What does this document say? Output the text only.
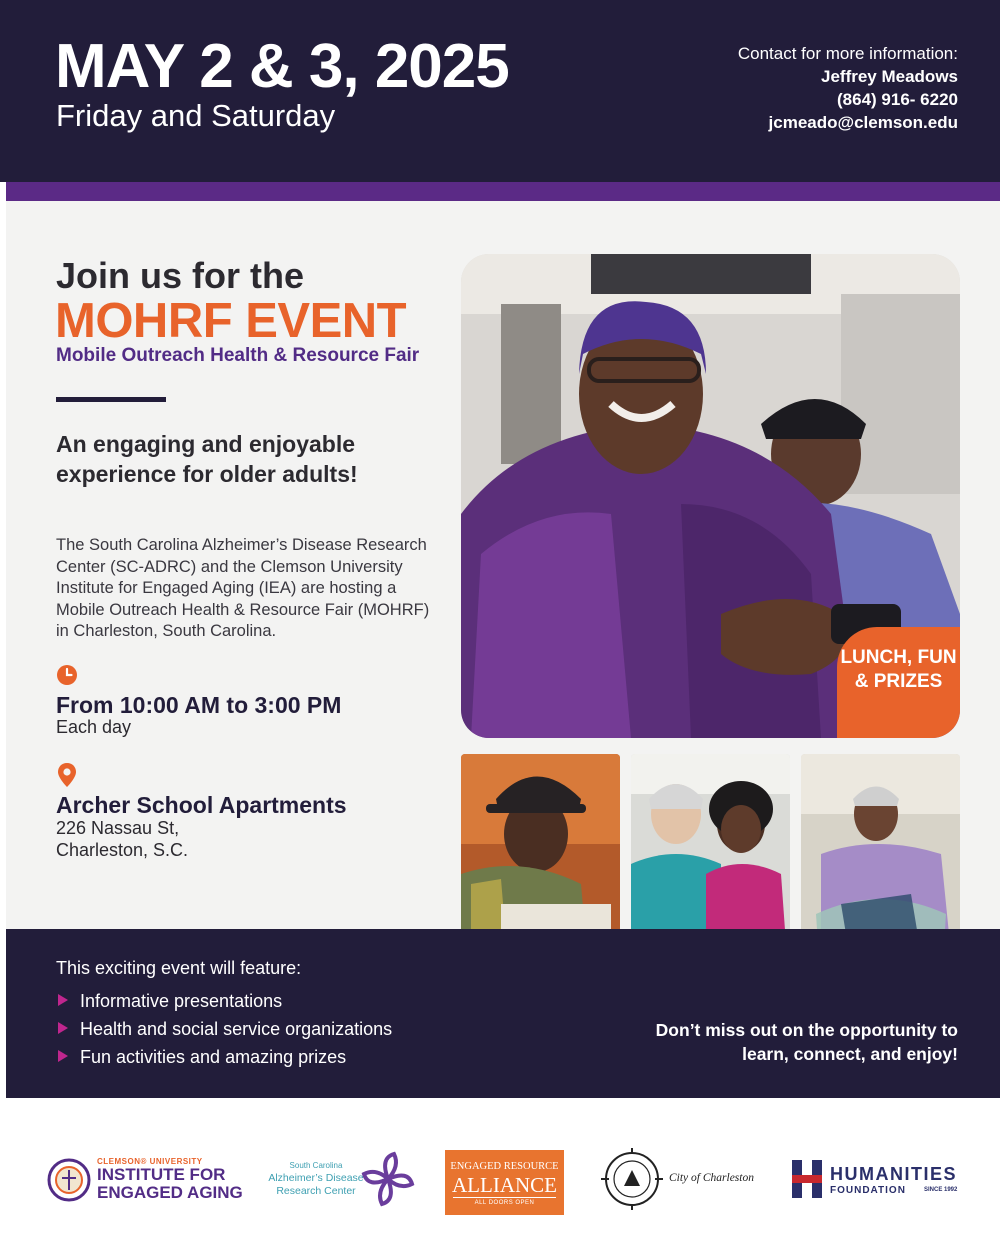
MAY 2 & 3, 2025
Friday and Saturday
Contact for more information:
Jeffrey Meadows
(864) 916- 6220
jcmeado@clemson.edu
Join us for the
MOHRF EVENT
Mobile Outreach Health & Resource Fair
An engaging and enjoyable experience for older adults!
The South Carolina Alzheimer’s Disease Research Center (SC-ADRC) and the Clemson University Institute for Engaged Aging (IEA) are hosting a Mobile Outreach Health & Resource Fair (MOHRF) in Charleston, South Carolina.
From 10:00 AM to 3:00 PM
Each day
Archer School Apartments
226 Nassau St,
Charleston, S.C.
LUNCH, FUN & PRIZES
This exciting event will feature:
Informative presentations
Health and social service organizations
Fun activities and amazing prizes
Don’t miss out on the opportunity to learn, connect, and enjoy!
CLEMSON® UNIVERSITY
INSTITUTE FOR
ENGAGED AGING
South Carolina
Alzheimer’s Disease
Research Center
ENGAGED RESOURCE
ALLIANCE
ALL DOORS OPEN
City of Charleston	HUMANITIES
FOUNDATION	SINCE 1992
